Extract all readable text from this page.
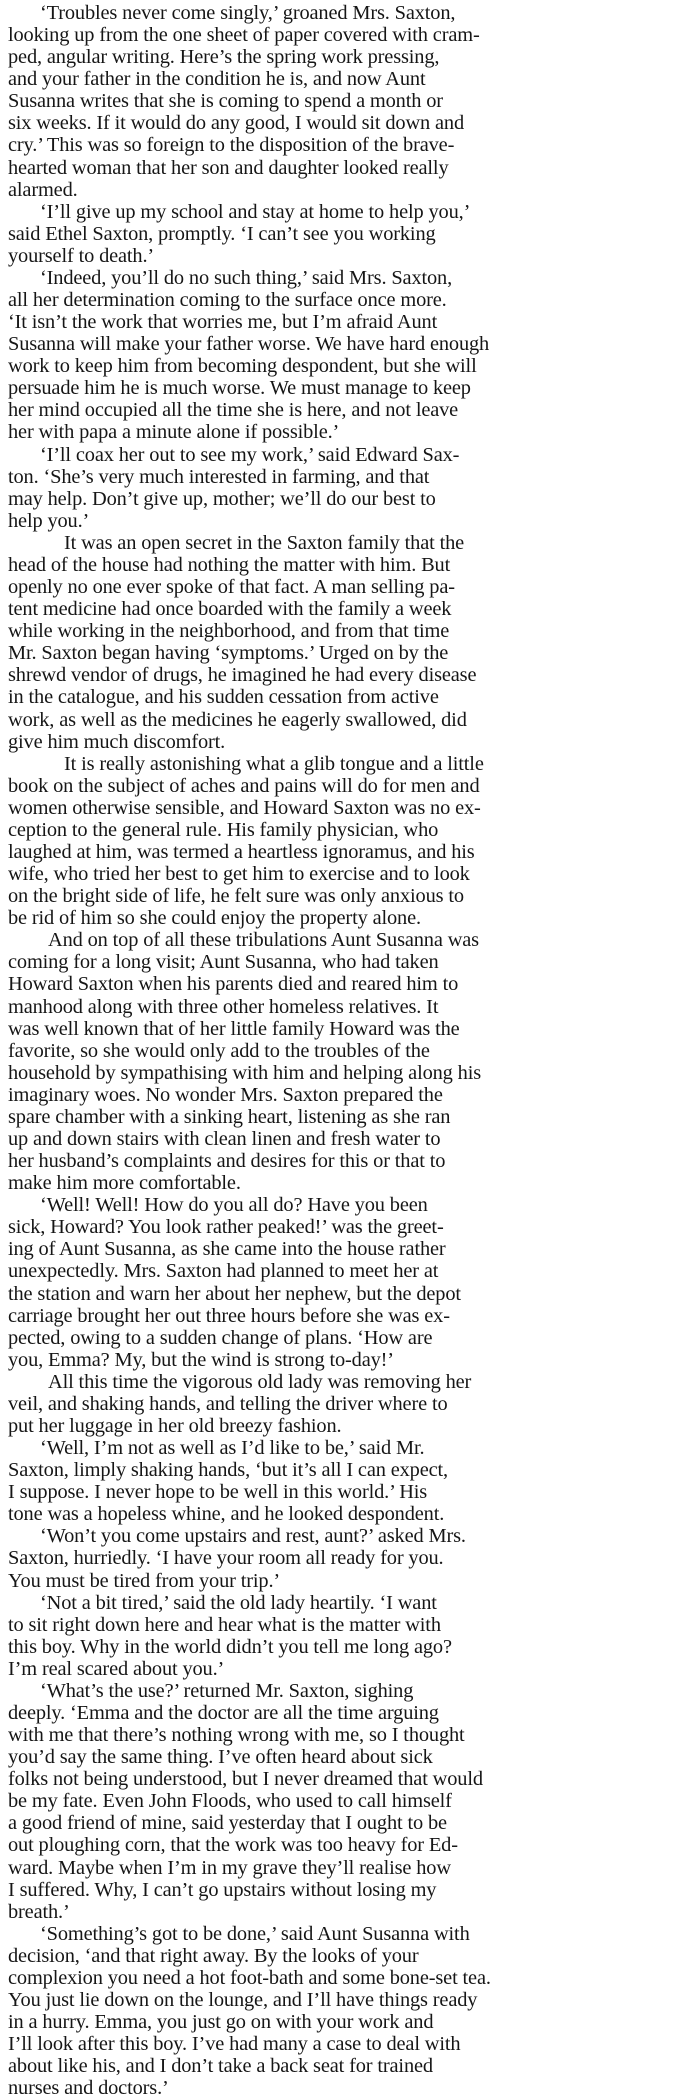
‘Troubles never come singly,’ groaned Mrs. Saxton,
looking up from the one sheet of paper covered with cram-
ped, angular writing. Here’s the spring work pressing,
and your father in the condition he is, and now Aunt
Susanna writes that she is coming to spend a month or
six weeks. If it would do any good, I would sit down and
cry.’ This was so foreign to the disposition of the brave-
hearted woman that her son and daughter looked really
alarmed.

‘I’ll give up my school and stay at home to help you,’
said Ethel Saxton, promptly. ‘I can’t see you working
yourself to death.’

‘Indeed, you’ll do no such thing,’ said Mrs. Saxton,
all her determination coming to the surface once more.
‘It isn’t the work that worries me, but I’m afraid Aunt
Susanna will make your father worse. We have hard enough
work to keep him from becoming despondent, but she will
persuade him he is much worse. We must manage to keep
her mind occupied all the time she is here, and not leave
her with papa a minute alone if possible.’

‘I’ll coax her out to see my work,’ said Edward Sax-
ton. ‘She’s very much interested in farming, and that
may help. Don’t give up, mother; we’ll do our best to
help you.’

It was an open secret in the Saxton family that the
head of the house had nothing the matter with him. But
openly no one ever spoke of that fact. A man selling pa-
tent medicine had once boarded with the family a week
while working in the neighborhood, and from that time
Mr. Saxton began having ‘symptoms.’ Urged on by the
shrewd vendor of drugs, he imagined he had every disease
in the catalogue, and his sudden cessation from active
work, as well as the medicines he eagerly swallowed, did
give him much discomfort.

It is really astonishing what a glib tongue and a little
book on the subject of aches and pains will do for men and
women otherwise sensible, and Howard Saxton was no ex-
ception to the general rule. His family physician, who
laughed at him, was termed a heartless ignoramus, and his
wife, who tried her best to get him to exercise and to look
on the bright side of life, he felt sure was only anxious to
be rid of him so she could enjoy the property alone.

And on top of all these tribulations Aunt Susanna was
coming for a long visit; Aunt Susanna, who had taken
Howard Saxton when his parents died and reared him to
manhood along with three other homeless relatives. It
was well known that of her little family Howard was the
favorite, so she would only add to the troubles of the
household by sympathising with him and helping along his
imaginary woes. No wonder Mrs. Saxton prepared the
spare chamber with a sinking heart, listening as she ran
up and down stairs with clean linen and fresh water to
her husband’s complaints and desires for this or that to
make him more comfortable.

‘Well! Well! How do you all do? Have you been
sick, Howard? You look rather peaked!’ was the greet-
ing of Aunt Susanna, as she came into the house rather
unexpectedly. Mrs. Saxton had planned to meet her at
the station and warn her about her nephew, but the depot
carriage brought her out three hours before she was ex-
pected, owing to a sudden change of plans. ‘How are
you, Emma? My, but the wind is strong to-day!’

All this time the vigorous old lady was removing her
veil, and shaking hands, and telling the driver where to
put her luggage in her old breezy fashion.

‘Well, I’m not as well as I’d like to be,’ said Mr.
Saxton, limply shaking hands, ‘but it’s all I can expect,
I suppose. I never hope to be well in this world.’ His
tone was a hopeless whine, and he looked despondent.

‘Won’t you come upstairs and rest, aunt?’ asked Mrs.
Saxton, hurriedly. ‘I have your room all ready for you.
You must be tired from your trip.’

‘Not a bit tired,’ said the old lady heartily. ‘I want
to sit right down here and hear what is the matter with
this boy. Why in the world didn’t you tell me long ago?
I’m real scared about you.’

‘What’s the use?’ returned Mr. Saxton, sighing
deeply. ‘Emma and the doctor are all the time arguing
with me that there’s nothing wrong with me, so I thought
you’d say the same thing. I’ve often heard about sick
folks not being understood, but I never dreamed that would
be my fate. Even John Floods, who used to call himself
a good friend of mine, said yesterday that I ought to be
out ploughing corn, that the work was too heavy for Ed-
ward. Maybe when I’m in my grave they’ll realise how
I suffered. Why, I can’t go upstairs without losing my
breath.’

‘Something’s got to be done,’ said Aunt Susanna with
decision, ‘and that right away. By the looks of your
complexion you need a hot foot-bath and some bone-set tea.
You just lie down on the lounge, and I’ll have things ready
in a hurry. Emma, you just go on with your work and
I’ll look after this boy. I’ve had many a case to deal with
about like his, and I don’t take a back seat for trained
nurses and doctors.’
